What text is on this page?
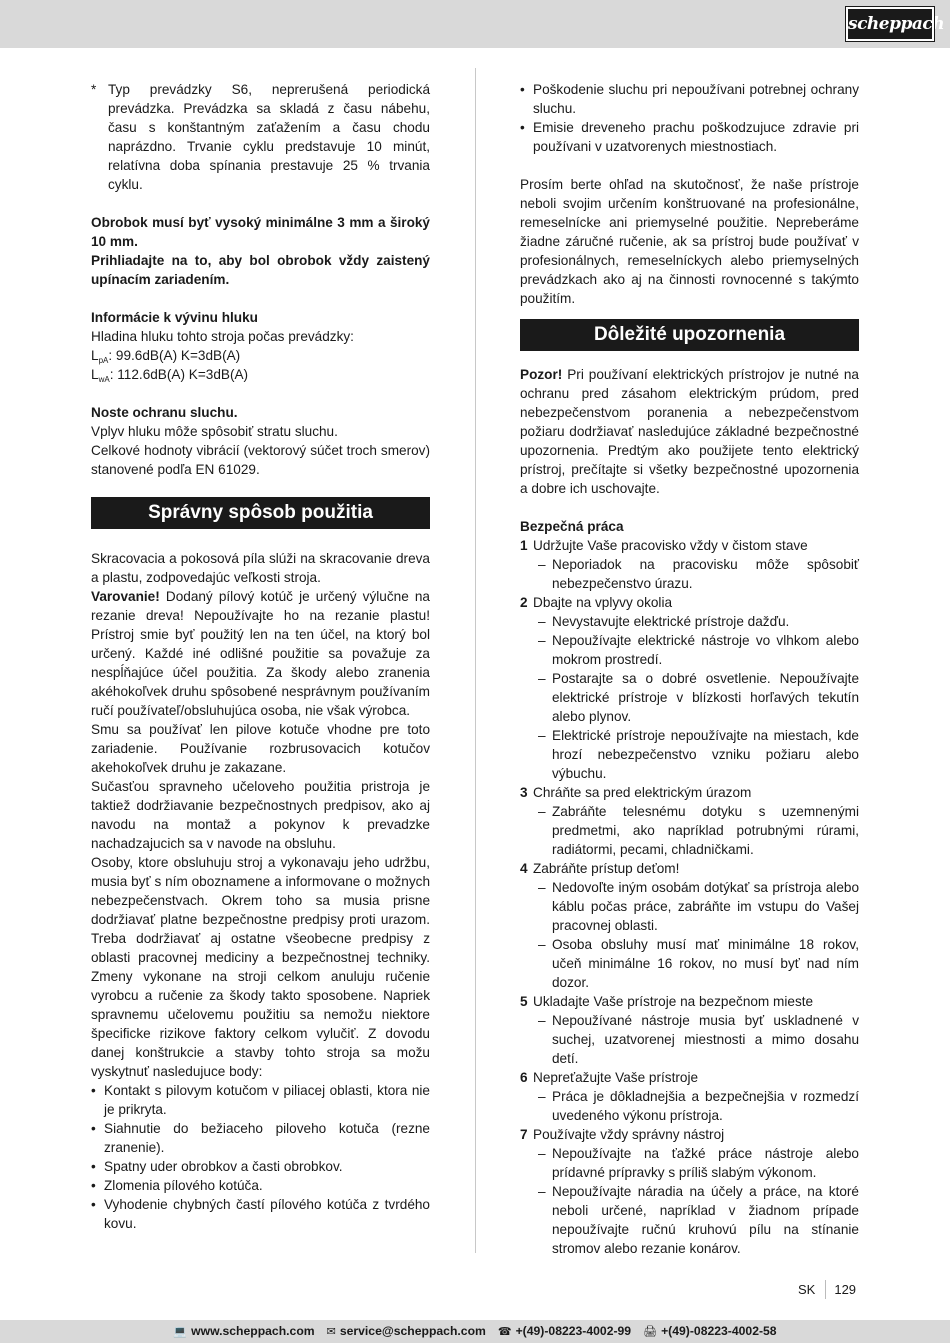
scheppach
* Typ prevádzky S6, neprerušená periodická prevádzka. Prevádzka sa skladá z času nábehu, času s konštantným zaťažením a času chodu naprázdno. Trvanie cyklu predstavuje 10 minút, relatívna doba spínania prestavuje 25 % trvania cyklu.

Obrobok musí byť vysoký minimálne 3 mm a široký 10 mm.

Prihliadajte na to, aby bol obrobok vždy zaistený upínacím zariadením.

Informácie k vývinu hluku

Hladina hluku tohto stroja počas prevádzky:

$L_{pA}$: 99.6dB(A) K=3dB(A)

$L_{wA}$: 112.6dB(A) K=3dB(A)

Noste ochranu sluchu.

Vplyv hluku môže spôsobiť stratu sluchu.

Celkové hodnoty vibrácií (vektorový súčet troch smerov) stanovené podľa EN 61029.

Správny spôsob použitia

Skracovacia a pokosová píla slúži na skracovanie dreva a plastu, zodpovedajúc veľkosti stroja.

Varovanie! Dodaný pílový kotúč je určený výlučne na rezanie dreva! Nepoužívajte ho na rezanie plastu! Prístroj smie byť použitý len na ten účel, na ktorý bol určený. Každé iné odlišné použitie sa považuje za nespĺňajúce účel použitia. Za škody alebo zranenia akéhokoľvek druhu spôsobené nesprávnym používaním ručí používateľ/obsluhujúca osoba, nie však výrobca.

Smu sa používať len pilove kotuče vhodne pre toto zariadenie. Používanie rozbrusovacich kotučov akehokoľvek druhu je zakazane.

Sučasťou spravneho učeloveho použitia pristroja je taktiež dodržiavanie bezpečnostnych predpisov, ako aj navodu na montaž a pokynov k prevadzke nachadzajucich sa v navode na obsluhu.

Osoby, ktore obsluhuju stroj a vykonavaju jeho udržbu, musia byť s ním oboznamene a informovane o možnych nebezpečenstvach. Okrem toho sa musia prisne dodržiavať platne bezpečnostne predpisy proti urazom. Treba dodržiavať aj ostatne všeobecne predpisy z oblasti pracovnej mediciny a bezpečnostnej techniky. Zmeny vykonane na stroji celkom anuluju ručenie vyrobcu a ručenie za škody takto sposobene. Napriek spravnemu učelovemu použitiu sa nemožu niektore špecificke rizikove faktory celkom vylučiť. Z dovodu danej konštrukcie a stavby tohto stroja sa možu vyskytnuť nasledujuce body:

• Kontakt s pilovym kotučom v piliacej oblasti, ktora nie je prikryta.
• Siahnutie do bežiaceho piloveho kotuča (rezne zranenie).
• Spatny uder obrobkov a časti obrobkov.
• Zlomenia pílového kotúča.
• Vyhodenie chybných častí pílového kotúča z tvrdého kovu.
• Poškodenie sluchu pri nepoužívani potrebnej ochrany sluchu.
• Emisie dreveneho prachu poškodzujuce zdravie pri používani v uzatvorenych miestnostiach.

Prosím berte ohľad na skutočnosť, že naše prístroje neboli svojim určením konštruované na profesionálne, remeselnícke ani priemyselné použitie. Nepreberáme žiadne záručné ručenie, ak sa prístroj bude používať v profesionálnych, remeselníckych alebo priemyselných prevádzkach ako aj na činnosti rovnocenné s takýmto použitím.

Dôležité upozornenia

Pozor! Pri používaní elektrických prístrojov je nutné na ochranu pred zásahom elektrickým prúdom, pred nebezpečenstvom poranenia a nebezpečenstvom požiaru dodržiavať nasledujúce základné bezpečnostné upozornenia. Predtým ako použijete tento elektrický prístroj, prečítajte si všetky bezpečnostné upozornenia a dobre ich uschovajte.

Bezpečná práca

1 Udržujte Vaše pracovisko vždy v čistom stave
– Neporiadok na pracovisku môže spôsobiť nebezpečenstvo úrazu.
2 Dbajte na vplyvy okolia
– Nevystavujte elektrické prístroje dažďu.
– Nepoužívajte elektrické nástroje vo vlhkom alebo mokrom prostredí.
– Postarajte sa o dobré osvetlenie. Nepoužívajte elektrické prístroje v blízkosti horľavých tekutín alebo plynov.
– Elektrické prístroje nepoužívajte na miestach, kde hrozí nebezpečenstvo vzniku požiaru alebo výbuchu.
3 Chráňte sa pred elektrickým úrazom
– Zabráňte telesnému dotyku s uzemnenými predmetmi, ako napríklad potrubnými rúrami, radiátormi, pecami, chladničkami.
4 Zabráňte prístup deťom!
– Nedovoľte iným osobám dotýkať sa prístroja alebo káblu počas práce, zabráňte im vstupu do Vašej pracovnej oblasti.
– Osoba obsluhy musí mať minimálne 18 rokov, učeň minimálne 16 rokov, no musí byť nad ním dozor.
5 Ukladajte Vaše prístroje na bezpečnom mieste
– Nepoužívané nástroje musia byť uskladnené v suchej, uzatvorenej miestnosti a mimo dosahu detí.
6 Nepreťažujte Vaše prístroje
– Práca je dôkladnejšia a bezpečnejšia v rozmedzí uvedeného výkonu prístroja.
7 Používajte vždy správny nástroj
– Nepoužívajte na ťažké práce nástroje alebo prídavné prípravky s príliš slabým výkonom.
– Nepoužívajte náradia na účely a práce, na ktoré neboli určené, napríklad v žiadnom prípade nepoužívajte ručnú kruhovú pílu na stínanie stromov alebo rezanie konárov.
SK	129
💻 www.scheppach.com ✉ service@scheppach.com ☎ +(49)-08223-4002-99 🖨 +(49)-08223-4002-58
